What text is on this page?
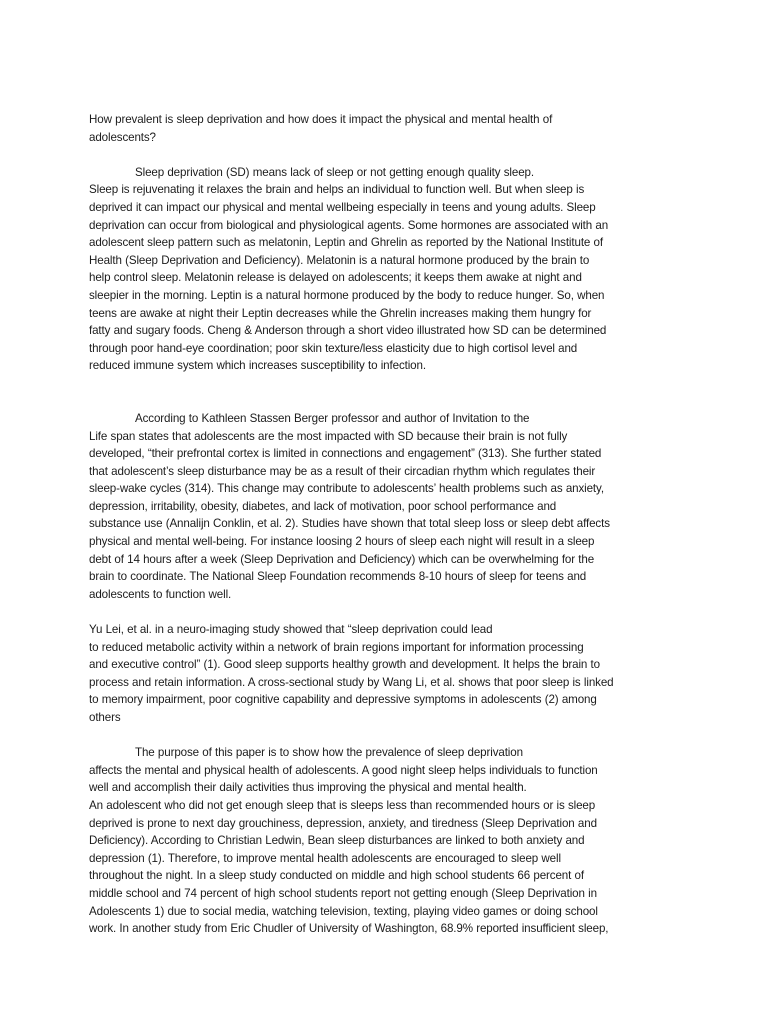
How prevalent is sleep deprivation and how does it impact the physical and mental health of
adolescents?
Sleep deprivation (SD) means lack of sleep or not getting enough quality sleep.
Sleep is rejuvenating it relaxes the brain and helps an individual to function well. But when sleep is
deprived it can impact our physical and mental wellbeing especially in teens and young adults. Sleep
deprivation can occur from biological and physiological agents. Some hormones are associated with an
adolescent sleep pattern such as melatonin, Leptin and Ghrelin as reported by the National Institute of
Health (Sleep Deprivation and Deficiency). Melatonin is a natural hormone produced by the brain to
help control sleep. Melatonin release is delayed on adolescents; it keeps them awake at night and
sleepier in the morning. Leptin is a natural hormone produced by the body to reduce hunger. So, when
teens are awake at night their Leptin decreases while the Ghrelin increases making them hungry for
fatty and sugary foods. Cheng & Anderson through a short video illustrated how SD can be determined
through poor hand-eye coordination; poor skin texture/less elasticity due to high cortisol level and
reduced immune system which increases susceptibility to infection.
According to Kathleen Stassen Berger professor and author of Invitation to the
Life span states that adolescents are the most impacted with SD because their brain is not fully
developed, “their prefrontal cortex is limited in connections and engagement” (313). She further stated
that adolescent’s sleep disturbance may be as a result of their circadian rhythm which regulates their
sleep-wake cycles (314). This change may contribute to adolescents’ health problems such as anxiety,
depression, irritability, obesity, diabetes, and lack of motivation, poor school performance and
substance use (Annalijn Conklin, et al. 2). Studies have shown that total sleep loss or sleep debt affects
physical and mental well-being. For instance loosing 2 hours of sleep each night will result in a sleep
debt of 14 hours after a week (Sleep Deprivation and Deficiency) which can be overwhelming for the
brain to coordinate. The National Sleep Foundation recommends 8-10 hours of sleep for teens and
adolescents to function well.
Yu Lei, et al. in a neuro-imaging study showed that “sleep deprivation could lead
to reduced metabolic activity within a network of brain regions important for information processing
and executive control” (1). Good sleep supports healthy growth and development. It helps the brain to
process and retain information. A cross-sectional study by Wang Li, et al. shows that poor sleep is linked
to memory impairment, poor cognitive capability and depressive symptoms in adolescents (2) among
others
The purpose of this paper is to show how the prevalence of sleep deprivation
affects the mental and physical health of adolescents. A good night sleep helps individuals to function
well and accomplish their daily activities thus improving the physical and mental health.
An adolescent who did not get enough sleep that is sleeps less than recommended hours or is sleep
deprived is prone to next day grouchiness, depression, anxiety, and tiredness (Sleep Deprivation and
Deficiency). According to Christian Ledwin, Bean sleep disturbances are linked to both anxiety and
depression (1). Therefore, to improve mental health adolescents are encouraged to sleep well
throughout the night. In a sleep study conducted on middle and high school students 66 percent of
middle school and 74 percent of high school students report not getting enough (Sleep Deprivation in
Adolescents 1) due to social media, watching television, texting, playing video games or doing school
work. In another study from Eric Chudler of University of Washington, 68.9% reported insufficient sleep,
